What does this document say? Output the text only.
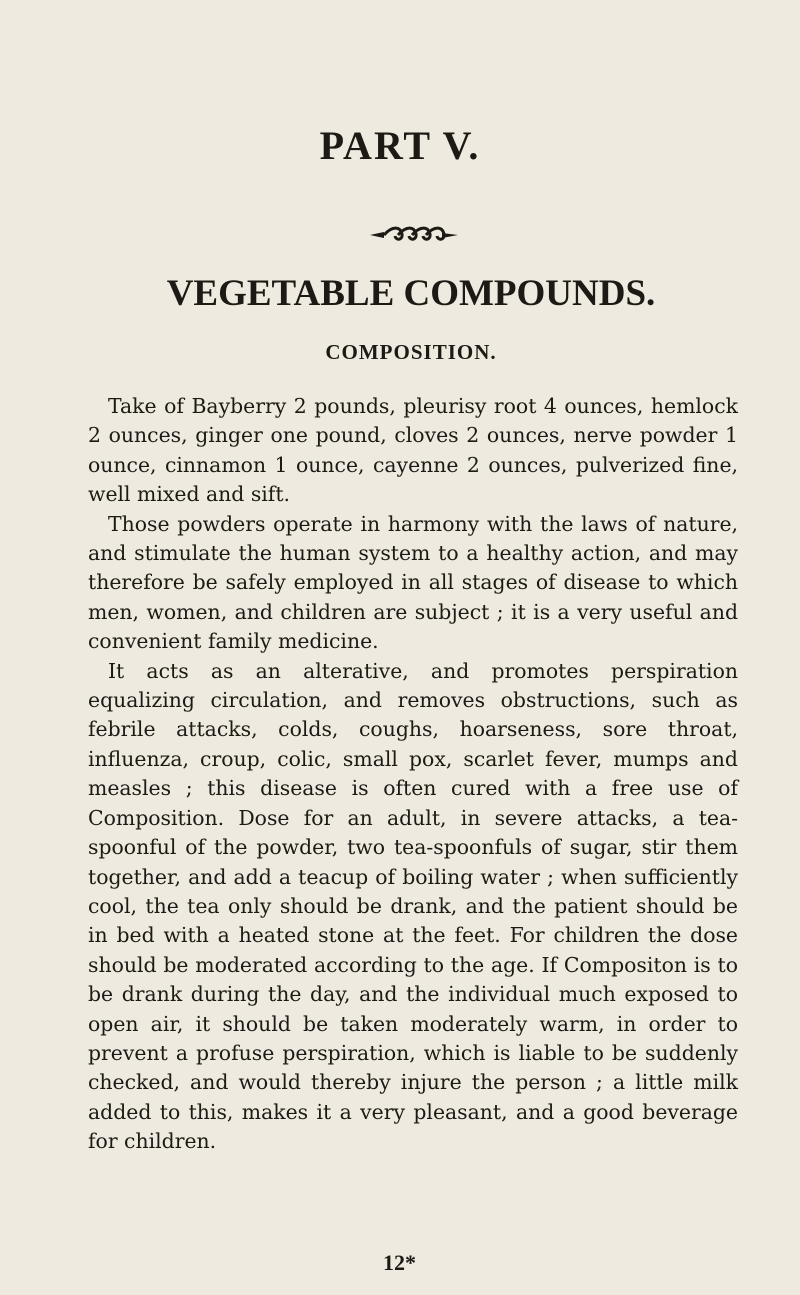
PART V.
VEGETABLE COMPOUNDS.
COMPOSITION.

Take of Bayberry 2 pounds, pleurisy root 4 ounces, hemlock 2 ounces, ginger one pound, cloves 2 ounces, nerve powder 1 ounce, cinnamon 1 ounce, cayenne 2 ounces, pulverized fine, well mixed and sift.

Those powders operate in harmony with the laws of nature, and stimulate the human system to a healthy action, and may therefore be safely employed in all stages of disease to which men, women, and children are subject ; it is a very useful and convenient family medicine.

It acts as an alterative, and promotes perspiration equalizing circulation, and removes obstructions, such as febrile attacks, colds, coughs, hoarseness, sore throat, influenza, croup, colic, small pox, scarlet fever, mumps and measles ; this disease is often cured with a free use of Composition. Dose for an adult, in severe attacks, a tea-spoonful of the powder, two tea-spoonfuls of sugar, stir them together, and add a teacup of boiling water ; when sufficiently cool, the tea only should be drank, and the patient should be in bed with a heated stone at the feet. For children the dose should be moderated according to the age. If Compositon is to be drank during the day, and the individual much exposed to open air, it should be taken moderately warm, in order to prevent a profuse perspiration, which is liable to be suddenly checked, and would thereby injure the person ; a little milk added to this, makes it a very pleasant, and a good beverage for children.

12*
